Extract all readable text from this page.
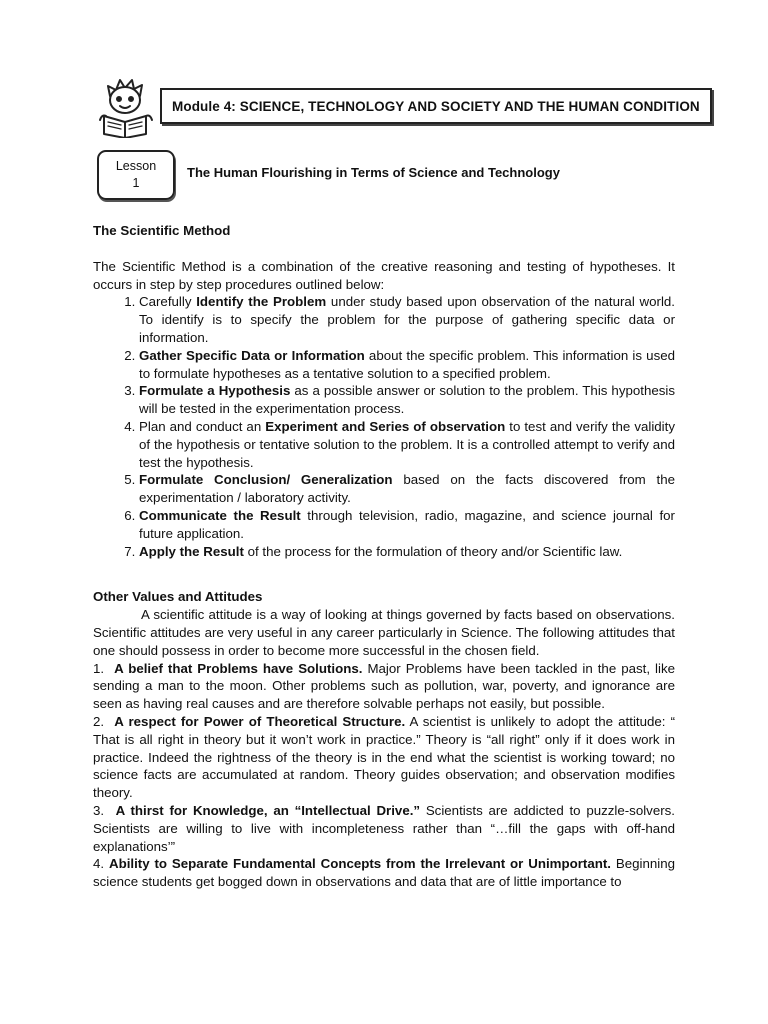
Module 4: SCIENCE, TECHNOLOGY AND SOCIETY AND THE HUMAN CONDITION
Lesson
1
The Human Flourishing in Terms of Science and Technology

The Scientific Method

The Scientific Method is a combination of the creative reasoning and testing of hypotheses. It occurs in step by step procedures outlined below:

1. Carefully Identify the Problem under study based upon observation of the natural world. To identify is to specify the problem for the purpose of gathering specific data or information.
2. Gather Specific Data or Information about the specific problem. This information is used to formulate hypotheses as a tentative solution to a specified problem.
3. Formulate a Hypothesis as a possible answer or solution to the problem. This hypothesis will be tested in the experimentation process.
4. Plan and conduct an Experiment and Series of observation to test and verify the validity of the hypothesis or tentative solution to the problem. It is a controlled attempt to verify and test the hypothesis.
5. Formulate Conclusion/ Generalization based on the facts discovered from the experimentation / laboratory activity.
6. Communicate the Result through television, radio, magazine, and science journal for future application.
7. Apply the Result of the process for the formulation of theory and/or Scientific law.

Other Values and Attitudes

A scientific attitude is a way of looking at things governed by facts based on observations. Scientific attitudes are very useful in any career particularly in Science. The following attitudes that one should possess in order to become more successful in the chosen field.

1. A belief that Problems have Solutions. Major Problems have been tackled in the past, like sending a man to the moon. Other problems such as pollution, war, poverty, and ignorance are seen as having real causes and are therefore solvable perhaps not easily, but possible.

2. A respect for Power of Theoretical Structure. A scientist is unlikely to adopt the attitude: “ That is all right in theory but it won’t work in practice.” Theory is “all right” only if it does work in practice. Indeed the rightness of the theory is in the end what the scientist is working toward; no science facts are accumulated at random. Theory guides observation; and observation modifies theory.

3. A thirst for Knowledge, an “Intellectual Drive.” Scientists are addicted to puzzle-solvers. Scientists are willing to live with incompleteness rather than “…fill the gaps with off-hand explanations’”

4. Ability to Separate Fundamental Concepts from the Irrelevant or Unimportant. Beginning science students get bogged down in observations and data that are of little importance to
